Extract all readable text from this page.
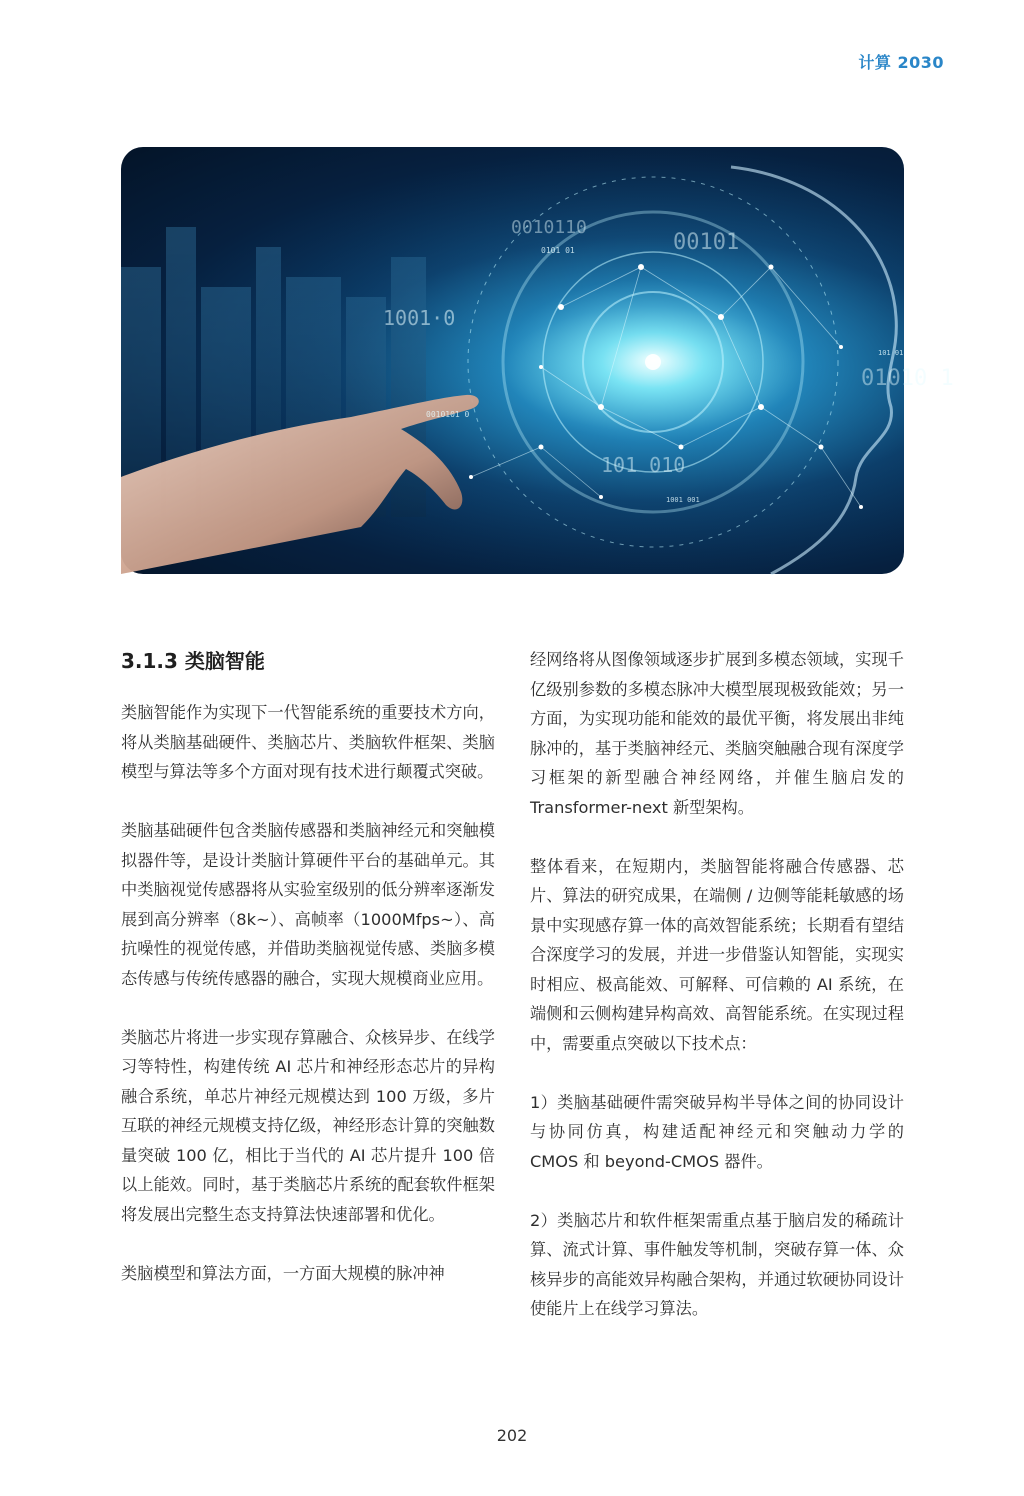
计算 2030
1001·0
00101
0101 01
0010101 0
1001 001
101 01
01010 1
101 010
0010110
3.1.3 类脑智能

类脑智能作为实现下一代智能系统的重要技术方向，将从类脑基础硬件、类脑芯片、类脑软件框架、类脑模型与算法等多个方面对现有技术进行颠覆式突破。

类脑基础硬件包含类脑传感器和类脑神经元和突触模拟器件等，是设计类脑计算硬件平台的基础单元。其中类脑视觉传感器将从实验室级别的低分辨率逐渐发展到高分辨率（8k~）、高帧率（1000Mfps~）、高抗噪性的视觉传感，并借助类脑视觉传感、类脑多模态传感与传统传感器的融合，实现大规模商业应用。

类脑芯片将进一步实现存算融合、众核异步、在线学习等特性，构建传统 AI 芯片和神经形态芯片的异构融合系统，单芯片神经元规模达到 100 万级，多片互联的神经元规模支持亿级，神经形态计算的突触数量突破 100 亿，相比于当代的 AI 芯片提升 100 倍以上能效。同时，基于类脑芯片系统的配套软件框架将发展出完整生态支持算法快速部署和优化。

类脑模型和算法方面，一方面大规模的脉冲神

经网络将从图像领域逐步扩展到多模态领域，实现千亿级别参数的多模态脉冲大模型展现极致能效；另一方面，为实现功能和能效的最优平衡，将发展出非纯脉冲的，基于类脑神经元、类脑突触融合现有深度学习框架的新型融合神经网络，并催生脑启发的 Transformer-next 新型架构。

整体看来，在短期内，类脑智能将融合传感器、芯片、算法的研究成果，在端侧 / 边侧等能耗敏感的场景中实现感存算一体的高效智能系统；长期看有望结合深度学习的发展，并进一步借鉴认知智能，实现实时相应、极高能效、可解释、可信赖的 AI 系统，在端侧和云侧构建异构高效、高智能系统。在实现过程中，需要重点突破以下技术点：

1）类脑基础硬件需突破异构半导体之间的协同设计与协同仿真，构建适配神经元和突触动力学的 CMOS 和 beyond-CMOS 器件。

2）类脑芯片和软件框架需重点基于脑启发的稀疏计算、流式计算、事件触发等机制，突破存算一体、众核异步的高能效异构融合架构，并通过软硬协同设计使能片上在线学习算法。

202
